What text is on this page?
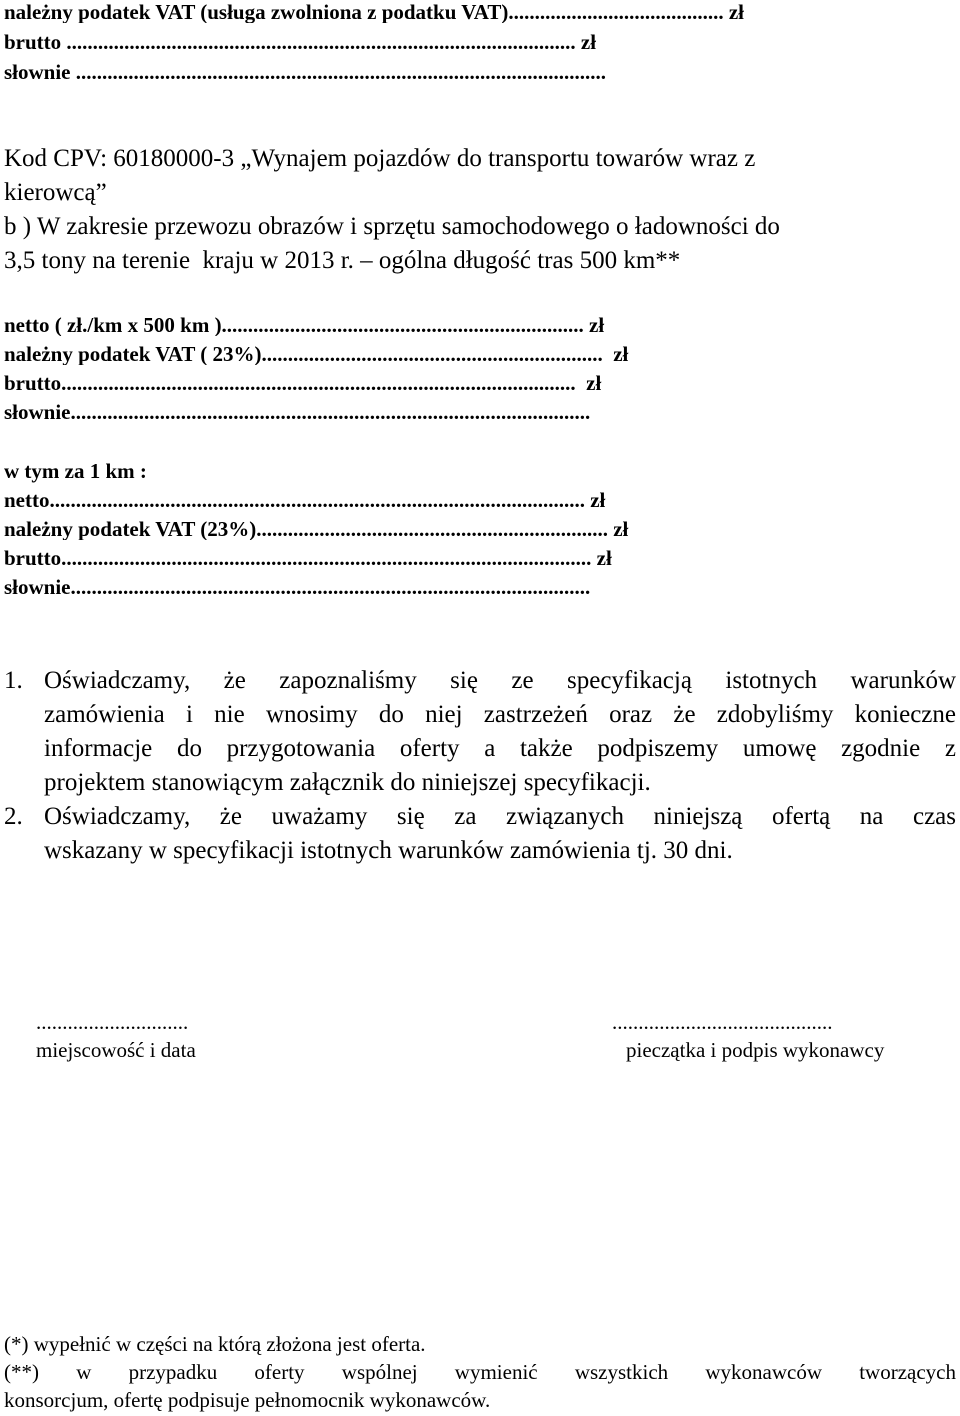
należny podatek VAT (usługa zwolniona z podatku VAT)......................................... zł
brutto ................................................................................................. zł
słownie .....................................................................................................
Kod CPV: 60180000-3 „Wynajem pojazdów do transportu towarów wraz z
kierowcą”
b ) W zakresie przewozu obrazów i sprzętu samochodowego o ładowności do
3,5 tony na terenie  kraju w 2013 r. – ogólna długość tras 500 km**
netto ( zł./km x 500 km )..................................................................... zł
należny podatek VAT ( 23%).................................................................  zł
brutto..................................................................................................  zł
słownie...................................................................................................
w tym za 1 km :
netto...................................................................................................... zł
należny podatek VAT (23%)................................................................... zł
brutto..................................................................................................... zł
słownie...................................................................................................
1. Oświadczamy, że zapoznaliśmy się ze specyfikacją istotnych warunków
zamówienia i nie wnosimy do niej zastrzeżeń oraz że zdobyliśmy konieczne
informacje do przygotowania oferty a także podpiszemy umowę zgodnie z
projektem stanowiącym załącznik do niniejszej specyfikacji.
2. Oświadczamy, że uważamy się za związanych niniejszą ofertą na czas
wskazany w specyfikacji istotnych warunków zamówienia tj. 30 dni.
.............................
miejscowość i data
..........................................
pieczątka i podpis wykonawcy
(*) wypełnić w części na którą złożona jest oferta.
(**) w przypadku oferty wspólnej wymienić wszystkich wykonawców tworzących
konsorcjum, ofertę podpisuje pełnomocnik wykonawców.
